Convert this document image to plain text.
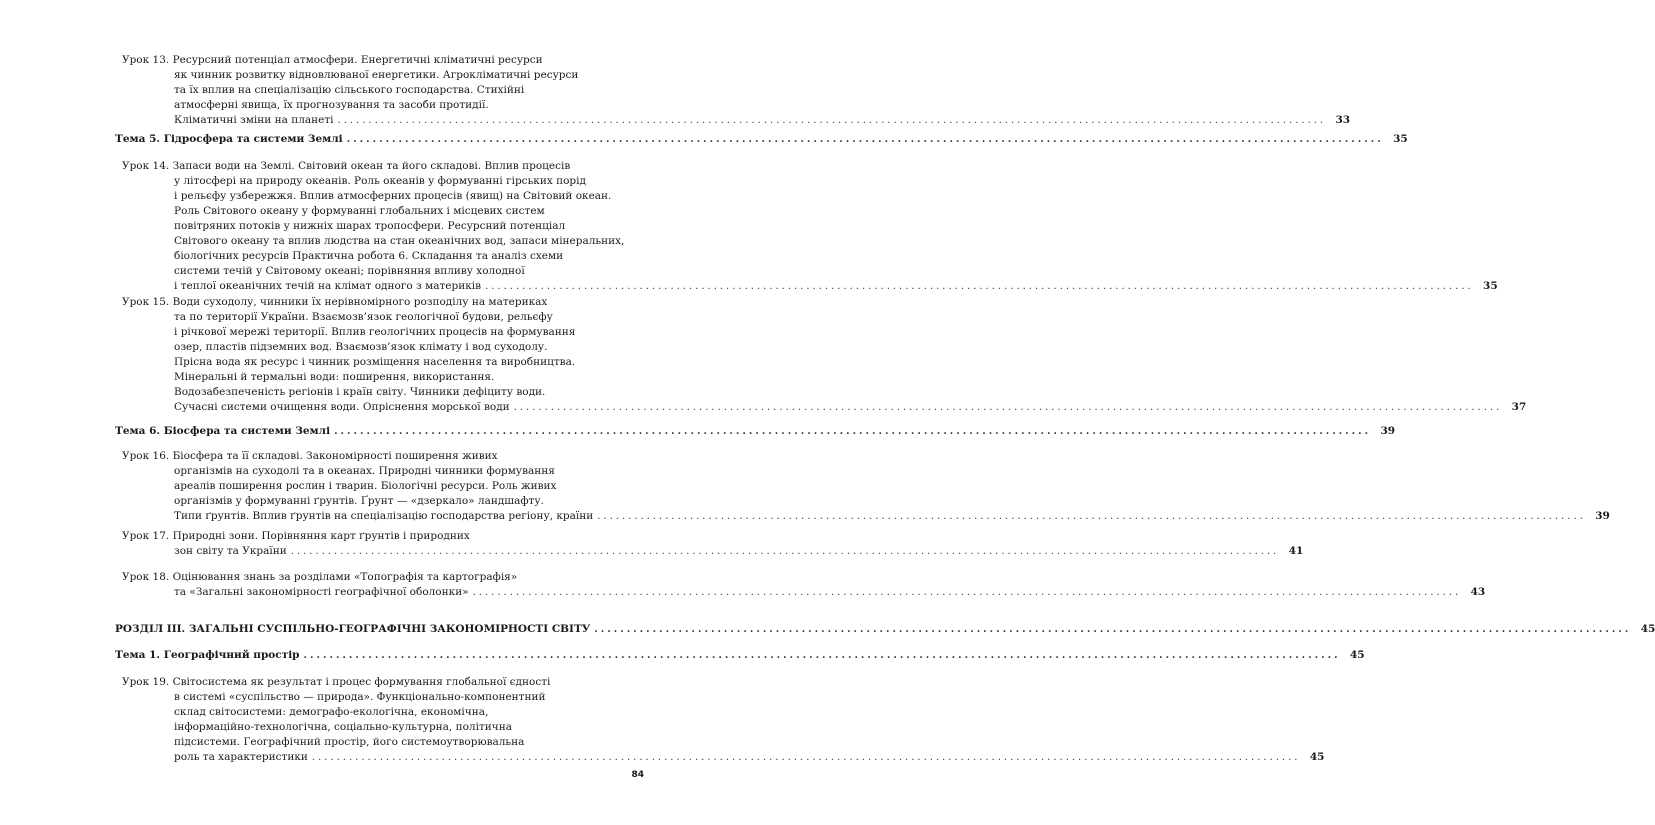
Урок 13. Ресурсний потенціал атмосфери. Енергетичні кліматичні ресурси
як чинник розвитку відновлюваної енергетики. Агрокліматичні ресурси
та їх вплив на спеціалізацію сільського господарства. Стихійні
атмосферні явища, їх прогнозування та засоби протидії.
Кліматичні зміни на планеті ................................................................................................................................................................ 33
Тема 5. Гідросфера та системи Землі ................................................................................................................................................................ 35
Урок 14. Запаси води на Землі. Світовий океан та його складові. Вплив процесів
у літосфері на природу океанів. Роль океанів у формуванні гірських порід
і рельєфу узбережжя. Вплив атмосферних процесів (явищ) на Світовий океан.
Роль Світового океану у формуванні глобальних і місцевих систем
повітряних потоків у нижніх шарах тропосфери. Ресурсний потенціал
Світового океану та вплив людства на стан океанічних вод, запаси мінеральних,
біологічних ресурсів Практична робота 6. Складання та аналіз схеми
системи течій у Світовому океані; порівняння впливу холодної
і теплої океанічних течій на клімат одного з материків ................................................................................................................................................................ 35
Урок 15. Води суходолу, чинники їх нерівномірного розподілу на материках
та по території України. Взаємозв’язок геологічної будови, рельєфу
і річкової мережі території. Вплив геологічних процесів на формування
озер, пластів підземних вод. Взаємозв’язок клімату і вод суходолу.
Прісна вода як ресурс і чинник розміщення населення та виробництва.
Мінеральні й термальні води: поширення, використання.
Водозабезпеченість регіонів і країн світу. Чинники дефіциту води.
Сучасні системи очищення води. Опріснення морської води ................................................................................................................................................................ 37
Тема 6. Біосфера та системи Землі ................................................................................................................................................................ 39
Урок 16. Біосфера та її складові. Закономірності поширення живих
організмів на суходолі та в океанах. Природні чинники формування
ареалів поширення рослин і тварин. Біологічні ресурси. Роль живих
організмів у формуванні ґрунтів. Ґрунт — «дзеркало» ландшафту.
Типи ґрунтів. Вплив ґрунтів на спеціалізацію господарства регіону, країни ................................................................................................................................................................ 39
Урок 17. Природні зони. Порівняння карт ґрунтів і природних
зон світу та України ................................................................................................................................................................ 41
Урок 18. Оцінювання знань за розділами «Топографія та картографія»
та «Загальні закономірності географічної оболонки» ................................................................................................................................................................ 43
РОЗДІЛ ІІІ. ЗАГАЛЬНІ СУСПІЛЬНО-ГЕОГРАФІЧНІ ЗАКОНОМІРНОСТІ СВІТУ ................................................................................................................................................................ 45
Тема 1. Географічний простір ................................................................................................................................................................ 45
Урок 19. Світосистема як результат і процес формування глобальної єдності
в системі «суспільство — природа». Функціонально-компонентний
склад світосистеми: демографо-екологічна, економічна,
інформаційно-технологічна, соціально-культурна, політична
підсистеми. Географічний простір, його системоутворювальна
роль та характеристики ................................................................................................................................................................ 45
84
